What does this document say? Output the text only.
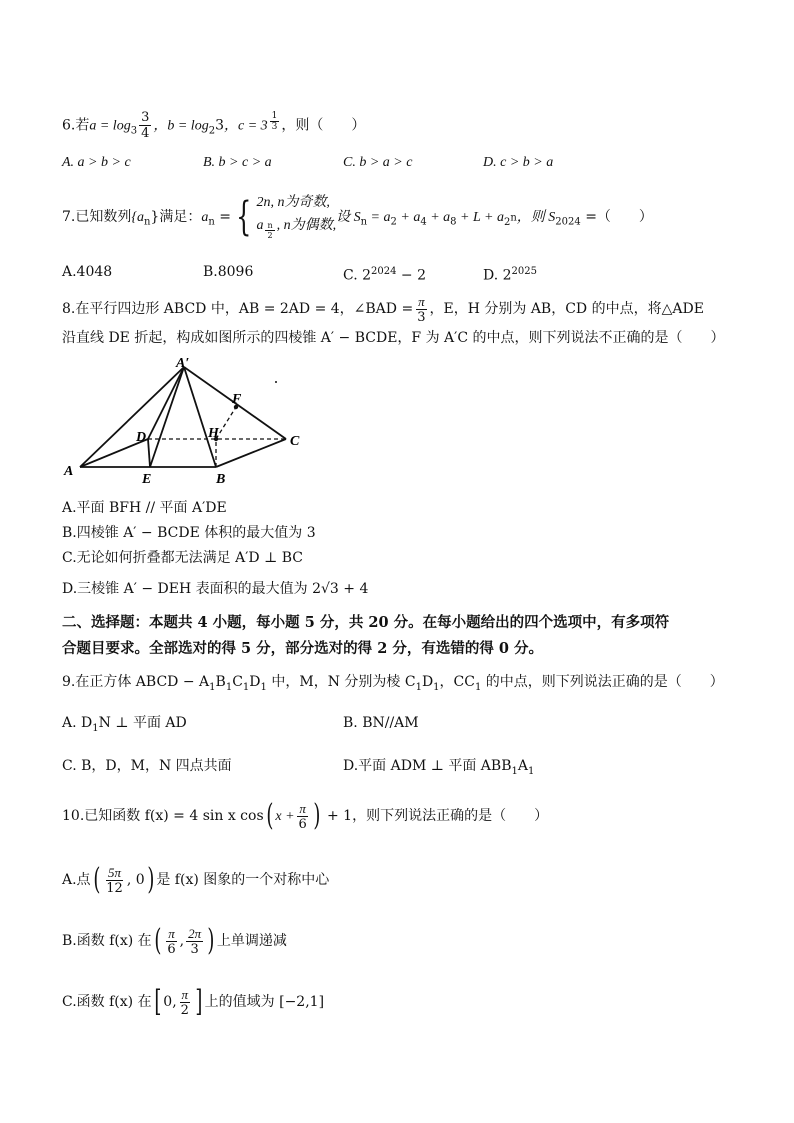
6.若$a = \log_3 \frac{3}{4}$ ，$b = \log_23$，c = 3 $^{\frac{1}{3}}$ ，则（　　）
A. a > b > c	B. b > c > a	C. b > a > c	D. c > b > a
7.已知数列$\{a_n\}$满足：$a_n$ = { 2n, n为奇数,
a $_{\frac{n}{2}}$ , n为偶数,
设 $S_n = a_2 + a_4 + a_8 + L + a_{2^n}$，则 $S_{2024}$ =（　　）
A.4048	B.8096	C. $2^{2024} - 2$	D. $2^{2025}$
8.在平行四边形 ABCD 中，AB = 2AD = 4，∠BAD = $\frac{\pi}{3}$ ，E，H 分别为 AB，CD 的中点，将△ADE
沿直线 DE 折起，构成如图所示的四棱锥 A′ − BCDE，F 为 A′C 的中点，则下列说法不正确的是（　　）
A′
F
D	H
C
A
E	B
A.平面 BFH // 平面 A′DE
B.四棱锥 A′ − BCDE 体积的最大值为 3
C.无论如何折叠都无法满足 A′D ⊥ BC
D.三棱锥 A′ − DEH 表面积的最大值为 2√3 + 4
二、选择题：本题共 4 小题，每小题 5 分，共 20 分。在每小题给出的四个选项中，有多项符
合题目要求。全部选对的得 5 分，部分选对的得 2 分，有选错的得 0 分。
9.在正方体 ABCD − $A_1B_1C_1D_1$ 中，M，N 分别为棱 $C_1D_1$，$CC_1$ 的中点，则下列说法正确的是（　　）
A. $D_1N$ ⊥ 平面 AD	B. BN//AM
C. B，D，M，N 四点共面	D.平面 ADM ⊥ 平面 $ABB_1A_1$
10.已知函数 f(x) = 4 sin x cos( $x + \frac{\pi}{6}$ ) + 1，则下列说法正确的是（　　）
A.点( $\frac{5\pi}{12}$ , 0) 是 f(x) 图象的一个对称中心
B.函数 f(x) 在( $\frac{\pi}{6}$ , $\frac{2\pi}{3}$ ) 上单调递减
C.函数 f(x) 在[ 0, $\frac{\pi}{2}$ ] 上的值域为 [−2,1]
